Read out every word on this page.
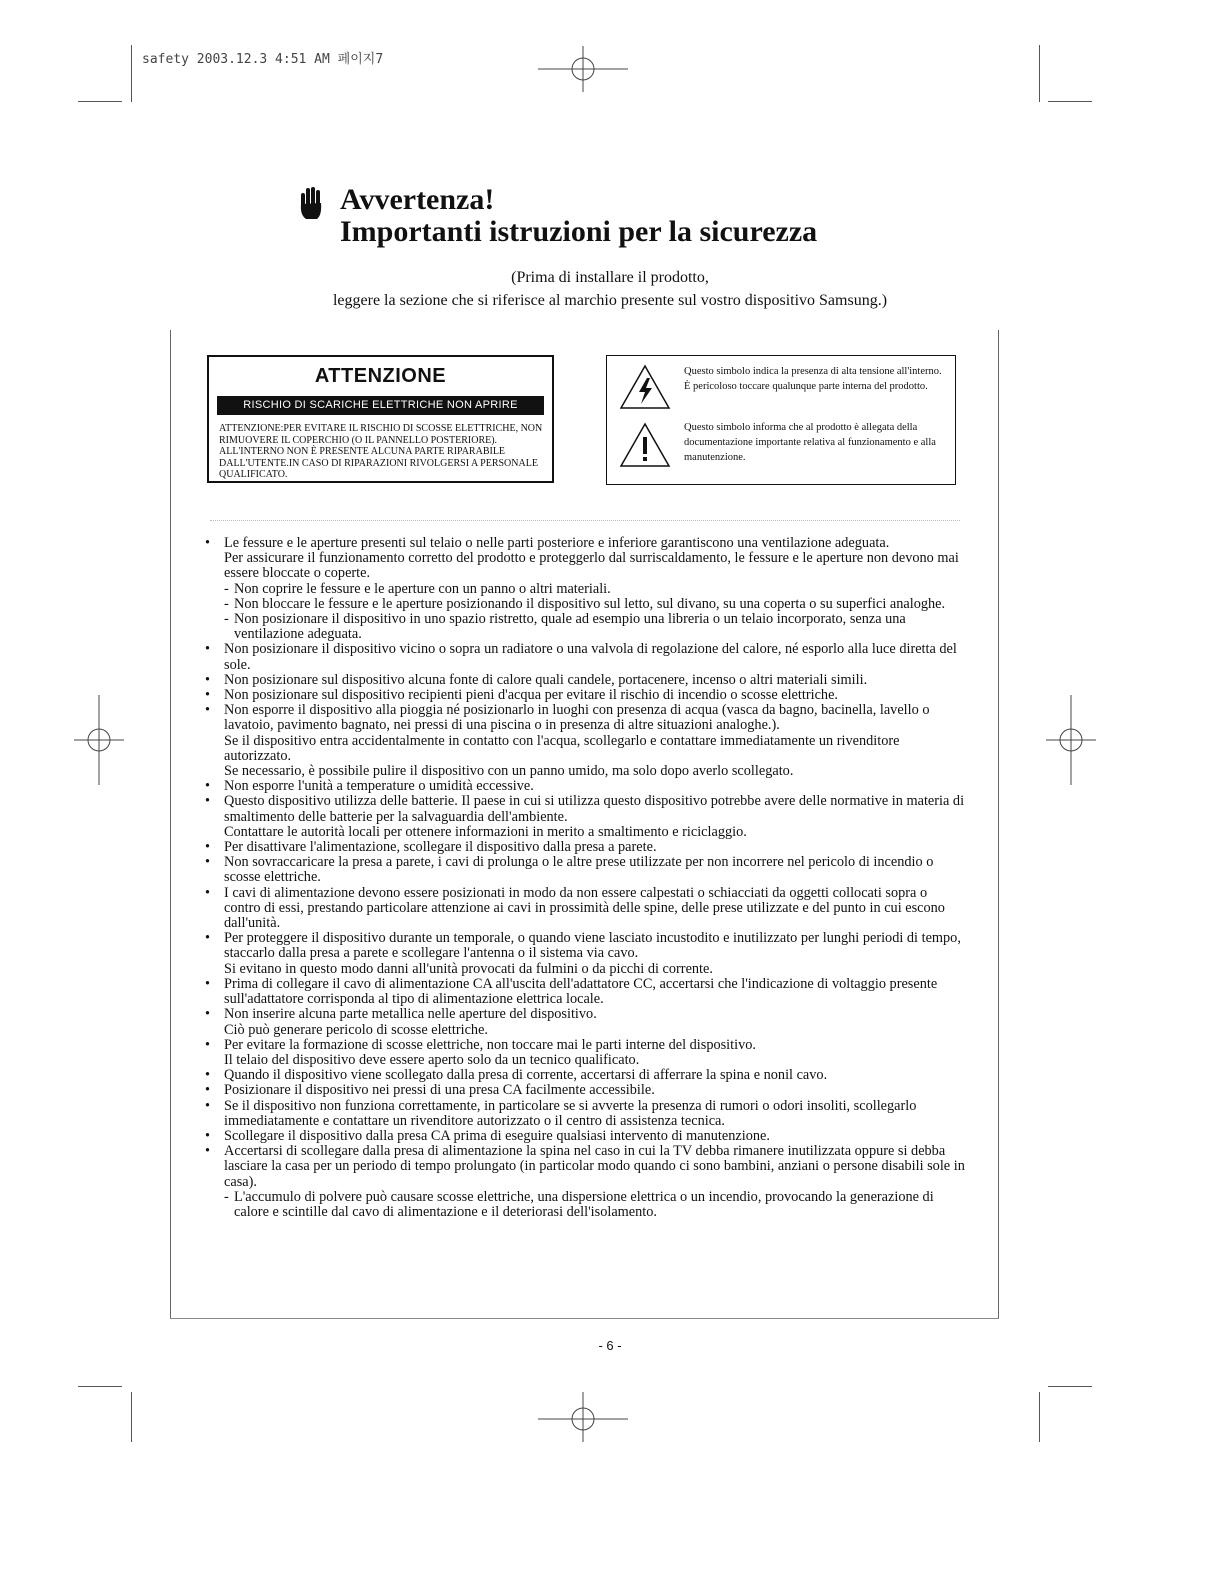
safety 2003.12.3 4:51 AM 페이지7
Avvertenza!
Importanti istruzioni per la sicurezza
(Prima di installare il prodotto,
leggere la sezione che si riferisce al marchio presente sul vostro dispositivo Samsung.)
ATTENZIONE
RISCHIO DI SCARICHE ELETTRICHE NON APRIRE
ATTENZIONE:PER EVITARE IL RISCHIO DI SCOSSE ELETTRICHE, NON RIMUOVERE IL COPERCHIO (O IL PANNELLO POSTERIORE). ALL'INTERNO NON È PRESENTE ALCUNA PARTE RIPARABILE DALL'UTENTE.IN CASO DI RIPARAZIONI RIVOLGERSI A PERSONALE QUALIFICATO.
Questo simbolo indica la presenza di alta tensione all'interno. È pericoloso toccare qualunque parte interna del prodotto.
Questo simbolo informa che al prodotto è allegata della documentazione importante relativa al funzionamento e alla manutenzione.
• Le fessure e le aperture presenti sul telaio o nelle parti posteriore e inferiore garantiscono una ventilazione adeguata.
Per assicurare il funzionamento corretto del prodotto e proteggerlo dal surriscaldamento, le fessure e le aperture non devono mai essere bloccate o coperte.
- Non coprire le fessure e le aperture con un panno o altri materiali.
- Non bloccare le fessure e le aperture posizionando il dispositivo sul letto, sul divano, su una coperta o su superfici analoghe.
- Non posizionare il dispositivo in uno spazio ristretto, quale ad esempio una libreria o un telaio incorporato, senza una ventilazione adeguata.
• Non posizionare il dispositivo vicino o sopra un radiatore o una valvola di regolazione del calore, né esporlo alla luce diretta del sole.
• Non posizionare sul dispositivo alcuna fonte di calore quali candele, portacenere, incenso o altri materiali simili.
• Non posizionare sul dispositivo recipienti pieni d'acqua per evitare il rischio di incendio o scosse elettriche.
• Non esporre il dispositivo alla pioggia né posizionarlo in luoghi con presenza di acqua (vasca da bagno, bacinella, lavello o lavatoio, pavimento bagnato, nei pressi di una piscina o in presenza di altre situazioni analoghe.).
Se il dispositivo entra accidentalmente in contatto con l'acqua, scollegarlo e contattare immediatamente un rivenditore autorizzato.
Se necessario, è possibile pulire il dispositivo con un panno umido, ma solo dopo averlo scollegato.
• Non esporre l'unità a temperature o umidità eccessive.
• Questo dispositivo utilizza delle batterie. Il paese in cui si utilizza questo dispositivo potrebbe avere delle normative in materia di smaltimento delle batterie per la salvaguardia dell'ambiente.
Contattare le autorità locali per ottenere informazioni in merito a smaltimento e riciclaggio.
• Per disattivare l'alimentazione, scollegare il dispositivo dalla presa a parete.
• Non sovraccaricare la presa a parete, i cavi di prolunga o le altre prese utilizzate per non incorrere nel pericolo di incendio o scosse elettriche.
• I cavi di alimentazione devono essere posizionati in modo da non essere calpestati o schiacciati da oggetti collocati sopra o contro di essi, prestando particolare attenzione ai cavi in prossimità delle spine, delle prese utilizzate e del punto in cui escono dall'unità.
• Per proteggere il dispositivo durante un temporale, o quando viene lasciato incustodito e inutilizzato per lunghi periodi di tempo, staccarlo dalla presa a parete e scollegare l'antenna o il sistema via cavo.
Si evitano in questo modo danni all'unità provocati da fulmini o da picchi di corrente.
• Prima di collegare il cavo di alimentazione CA all'uscita dell'adattatore CC, accertarsi che l'indicazione di voltaggio presente sull'adattatore corrisponda al tipo di alimentazione elettrica locale.
• Non inserire alcuna parte metallica nelle aperture del dispositivo.
Ciò può generare pericolo di scosse elettriche.
• Per evitare la formazione di scosse elettriche, non toccare mai le parti interne del dispositivo.
Il telaio del dispositivo deve essere aperto solo da un tecnico qualificato.
• Quando il dispositivo viene scollegato dalla presa di corrente, accertarsi di afferrare la spina e nonil cavo.
• Posizionare il dispositivo nei pressi di una presa CA facilmente accessibile.
• Se il dispositivo non funziona correttamente, in particolare se si avverte la presenza di rumori o odori insoliti, scollegarlo immediatamente e contattare un rivenditore autorizzato o il centro di assistenza tecnica.
• Scollegare il dispositivo dalla presa CA prima di eseguire qualsiasi intervento di manutenzione.
• Accertarsi di scollegare dalla presa di alimentazione la spina nel caso in cui la TV debba rimanere inutilizzata oppure si debba lasciare la casa per un periodo di tempo prolungato (in particolar modo quando ci sono bambini, anziani o persone disabili sole in casa).
- L'accumulo di polvere può causare scosse elettriche, una dispersione elettrica o un incendio, provocando la generazione di calore e scintille dal cavo di alimentazione e il deteriorasi dell'isolamento.
- 6 -
